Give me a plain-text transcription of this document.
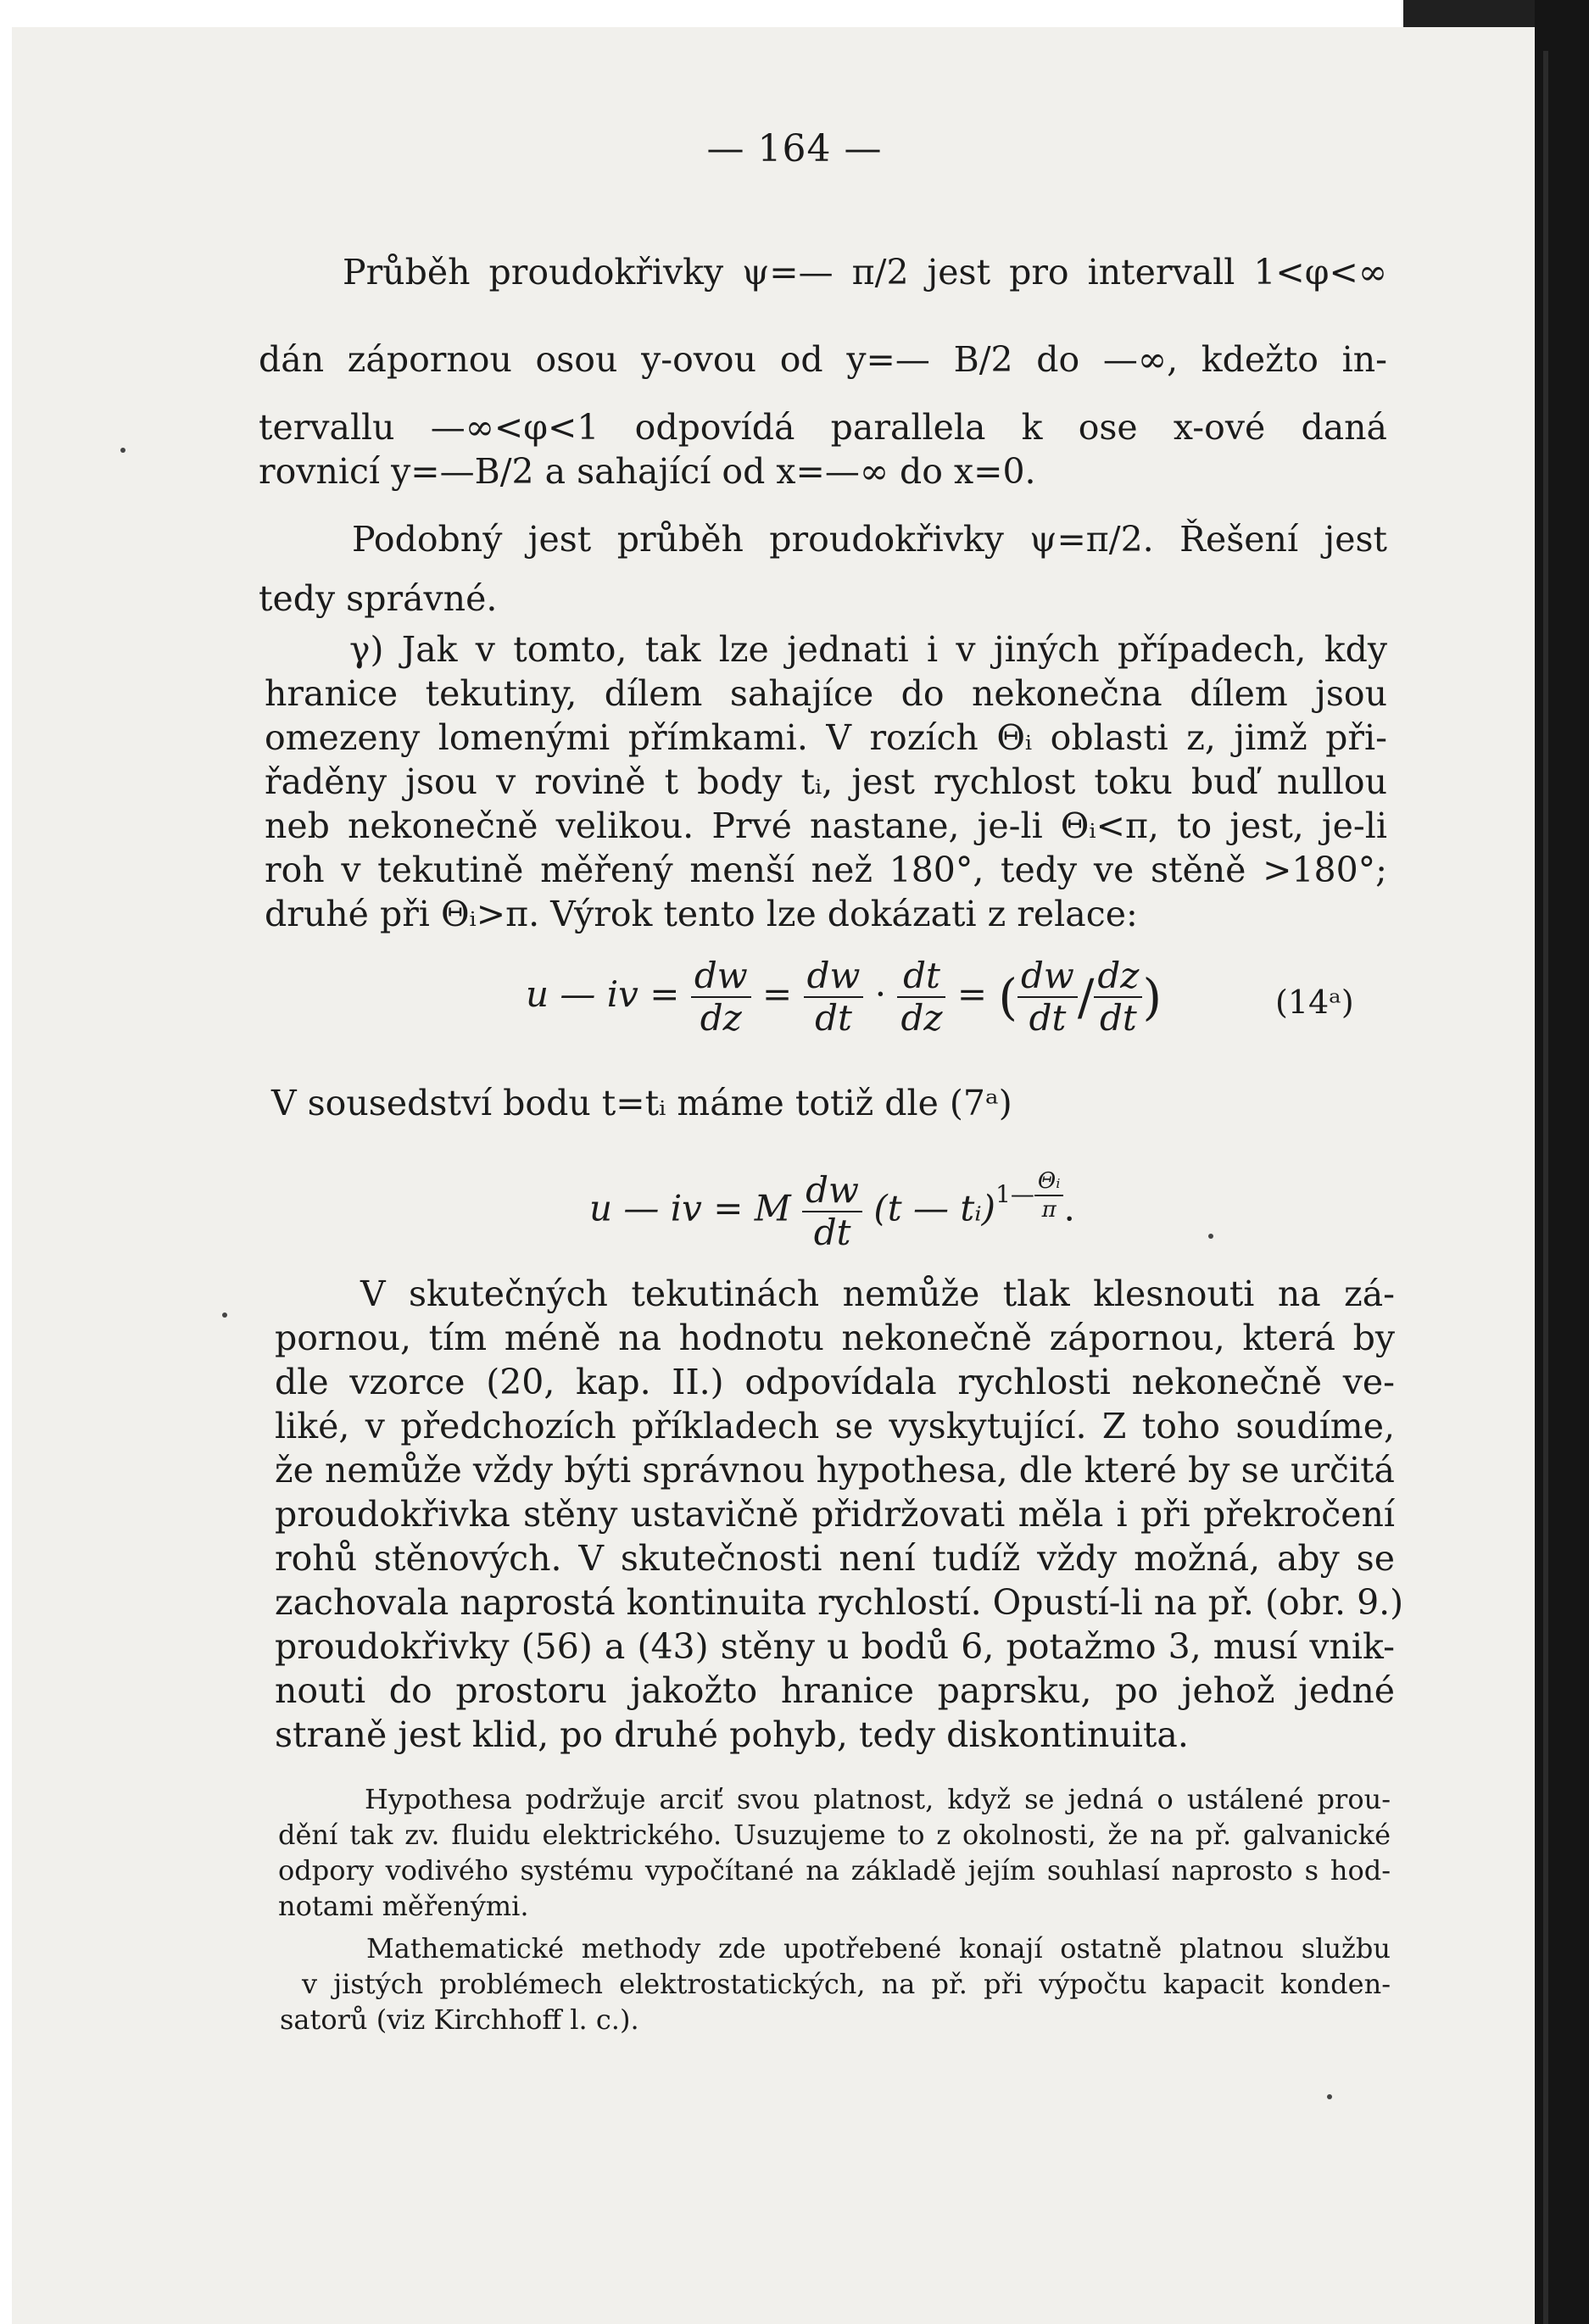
— 164 —
Průběh proudokřivky ψ=— π/2 jest pro intervall 1<φ<∞
dán zápornou osou y-ovou od y=— B/2 do —∞, kdežto in-
tervallu —∞<φ<1 odpovídá parallela k ose x-ové daná
rovnicí y=—B/2 a sahající od x=—∞ do x=0.
Podobný jest průběh proudokřivky ψ=π/2. Řešení jest
tedy správné.
γ) Jak v tomto, tak lze jednati i v jiných případech, kdy
hranice tekutiny, dílem sahajíce do nekonečna dílem jsou
omezeny lomenými přímkami. V rozích Θᵢ oblasti z, jimž při-
řaděny jsou v rovině t body tᵢ, jest rychlost toku buď nullou
neb nekonečně velikou. Prvé nastane, je-li Θᵢ<π, to jest, je-li
roh v tekutině měřený menší než 180°, tedy ve stěně >180°;
druhé při Θᵢ>π. Výrok tento lze dokázati z relace:
u — iv = $\frac{dw}{dz} = \frac{dw}{dt} \cdot \frac{dt}{dz}$ = ( $\frac{dw}{dt} / \frac{dz}{dt}$ )	(14ᵃ)
V sousedství bodu t=tᵢ máme totiž dle (7ᵃ)
u — iv = M $\frac{dw}{dt} (t$ — tᵢ)$^{1— \frac{\text{Θᵢ}}{\pi}}$ .
V skutečných tekutinách nemůže tlak klesnouti na zá-
pornou, tím méně na hodnotu nekonečně zápornou, která by
dle vzorce (20, kap. II.) odpovídala rychlosti nekonečně ve-
liké, v předchozích příkladech se vyskytující. Z toho soudíme,
že nemůže vždy býti správnou hypothesa, dle které by se určitá
proudokřivka stěny ustavičně přidržovati měla i při překročení
rohů stěnových. V skutečnosti není tudíž vždy možná, aby se
zachovala naprostá kontinuita rychlostí. Opustí-li na př. (obr. 9.)
proudokřivky (56) a (43) stěny u bodů 6, potažmo 3, musí vnik-
nouti do prostoru jakožto hranice paprsku, po jehož jedné
straně jest klid, po druhé pohyb, tedy diskontinuita.
Hypothesa podržuje arciť svou platnost, když se jedná o ustálené prou-
dění tak zv. fluidu elektrického. Usuzujeme to z okolnosti, že na př. galvanické
odpory vodivého systému vypočítané na základě jejím souhlasí naprosto s hod-
notami měřenými.
Mathematické methody zde upotřebené konají ostatně platnou službu
v jistých problémech elektrostatických, na př. při výpočtu kapacit konden-
satorů (viz Kirchhoff l. c.).
